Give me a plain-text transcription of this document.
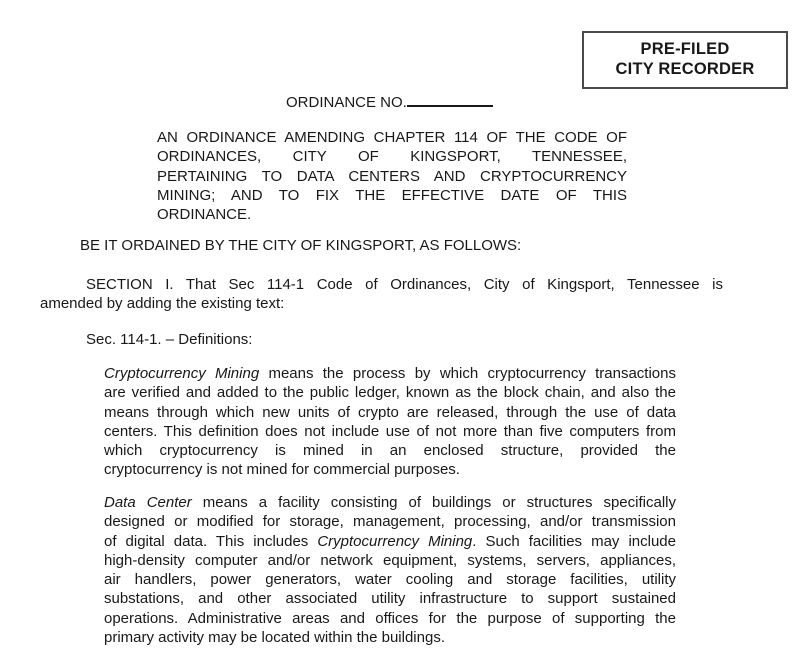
PRE-FILED
CITY RECORDER
ORDINANCE NO.
AN ORDINANCE AMENDING CHAPTER 114 OF THE CODE OF
ORDINANCES, CITY OF KINGSPORT, TENNESSEE,
PERTAINING TO DATA CENTERS AND CRYPTOCURRENCY
MINING; AND TO FIX THE EFFECTIVE DATE OF THIS
ORDINANCE.
BE IT ORDAINED BY THE CITY OF KINGSPORT, AS FOLLOWS:
SECTION I. That Sec 114-1 Code of Ordinances, City of Kingsport, Tennessee is
amended by adding the existing text:
Sec. 114-1. – Definitions:
Cryptocurrency Mining means the process by which cryptocurrency transactions
are verified and added to the public ledger, known as the block chain, and also the
means through which new units of crypto are released, through the use of data
centers. This definition does not include use of not more than five computers from
which cryptocurrency is mined in an enclosed structure, provided the
cryptocurrency is not mined for commercial purposes.
Data Center means a facility consisting of buildings or structures specifically
designed or modified for storage, management, processing, and/or transmission
of digital data. This includes Cryptocurrency Mining. Such facilities may include
high-density computer and/or network equipment, systems, servers, appliances,
air handlers, power generators, water cooling and storage facilities, utility
substations, and other associated utility infrastructure to support sustained
operations. Administrative areas and offices for the purpose of supporting the
primary activity may be located within the buildings.
